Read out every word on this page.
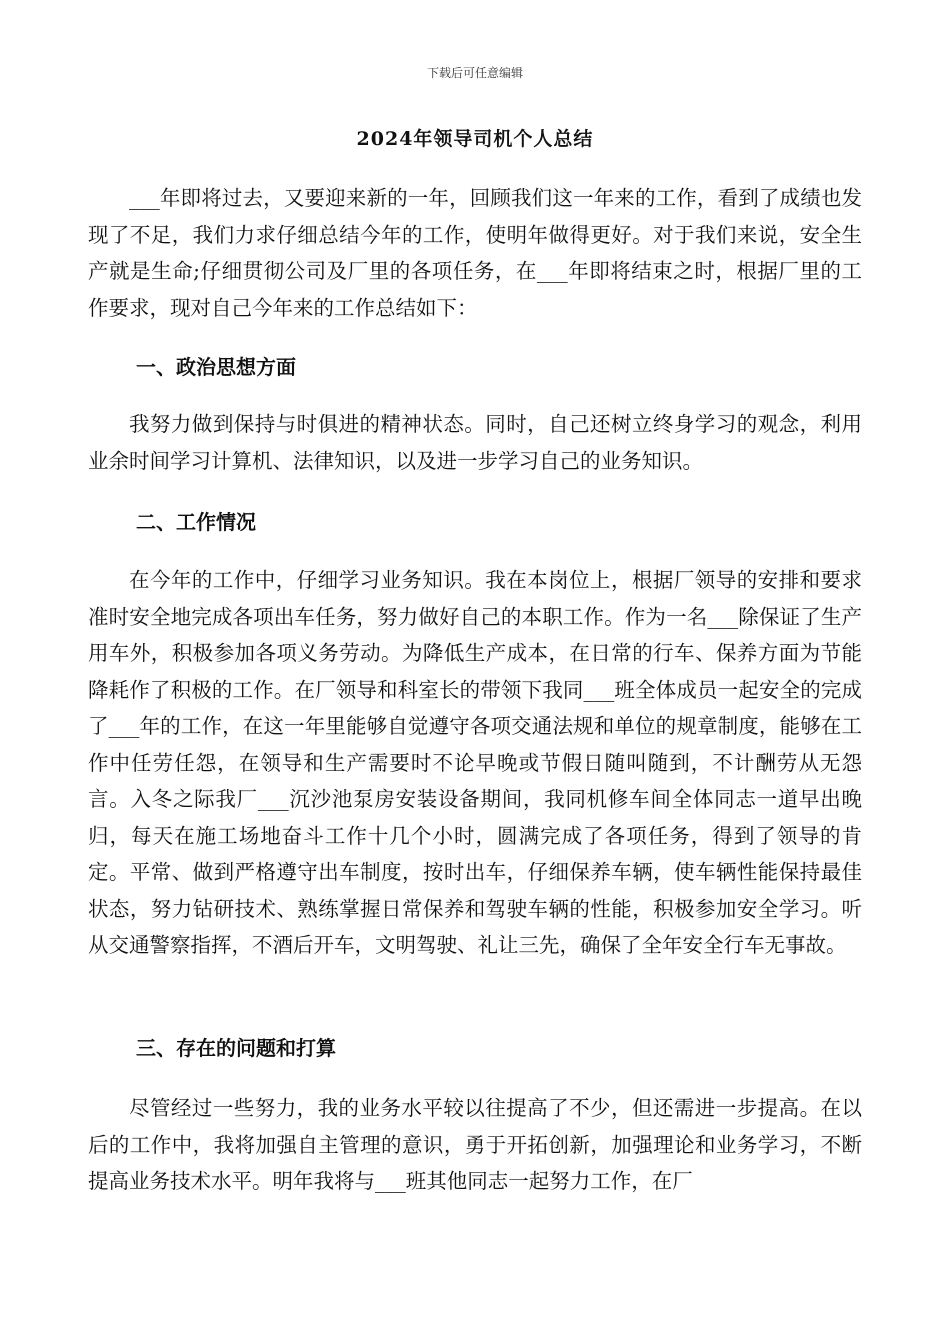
下载后可任意编辑
2024年领导司机个人总结

___年即将过去，又要迎来新的一年，回顾我们这一年来的工作，看到了成绩也发现了不足，我们力求仔细总结今年的工作，使明年做得更好。对于我们来说，安全生产就是生命;仔细贯彻公司及厂里的各项任务，在___年即将结束之时，根据厂里的工作要求，现对自己今年来的工作总结如下：

一、政治思想方面

我努力做到保持与时俱进的精神状态。同时，自己还树立终身学习的观念，利用业余时间学习计算机、法律知识，以及进一步学习自己的业务知识。

二、工作情况

在今年的工作中，仔细学习业务知识。我在本岗位上，根据厂领导的安排和要求准时安全地完成各项出车任务，努力做好自己的本职工作。作为一名___除保证了生产用车外，积极参加各项义务劳动。为降低生产成本，在日常的行车、保养方面为节能降耗作了积极的工作。在厂领导和科室长的带领下我同___班全体成员一起安全的完成了___年的工作，在这一年里能够自觉遵守各项交通法规和单位的规章制度，能够在工作中任劳任怨，在领导和生产需要时不论早晚或节假日随叫随到，不计酬劳从无怨言。入冬之际我厂___沉沙池泵房安装设备期间，我同机修车间全体同志一道早出晚归，每天在施工场地奋斗工作十几个小时，圆满完成了各项任务，得到了领导的肯定。平常、做到严格遵守出车制度，按时出车，仔细保养车辆，使车辆性能保持最佳状态，努力钻研技术、熟练掌握日常保养和驾驶车辆的性能，积极参加安全学习。听从交通警察指挥，不酒后开车，文明驾驶、礼让三先，确保了全年安全行车无事故。

三、存在的问题和打算

尽管经过一些努力，我的业务水平较以往提高了不少，但还需进一步提高。在以后的工作中，我将加强自主管理的意识，勇于开拓创新，加强理论和业务学习，不断提高业务技术水平。明年我将与___班其他同志一起努力工作，在厂
